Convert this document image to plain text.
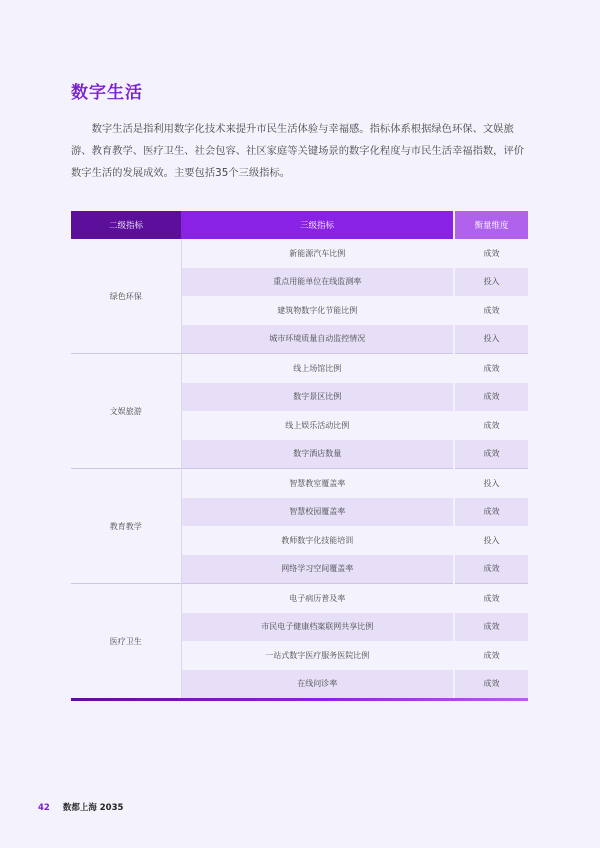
数字生活

数字生活是指利用数字化技术来提升市民生活体验与幸福感。指标体系根据绿色环保、文娱旅游、教育教学、医疗卫生、社会包容、社区家庭等关键场景的数字化程度与市民生活幸福指数，评价数字生活的发展成效。主要包括35个三级指标。

二级指标	三级指标	衡量维度
绿色环保	新能源汽车比例	成效
	重点用能单位在线监测率	投入
	建筑物数字化节能比例	成效
	城市环境质量自动监控情况	投入
文娱旅游	线上场馆比例	成效
	数字景区比例	成效
	线上娱乐活动比例	成效
	数字酒店数量	成效
教育教学	智慧教室覆盖率	投入
	智慧校园覆盖率	成效
	教师数字化技能培训	投入
	网络学习空间覆盖率	成效
医疗卫生	电子病历普及率	成效
	市民电子健康档案联网共享比例	成效
	一站式数字医疗服务医院比例	成效
	在线问诊率	成效
42 数都上海 2035
